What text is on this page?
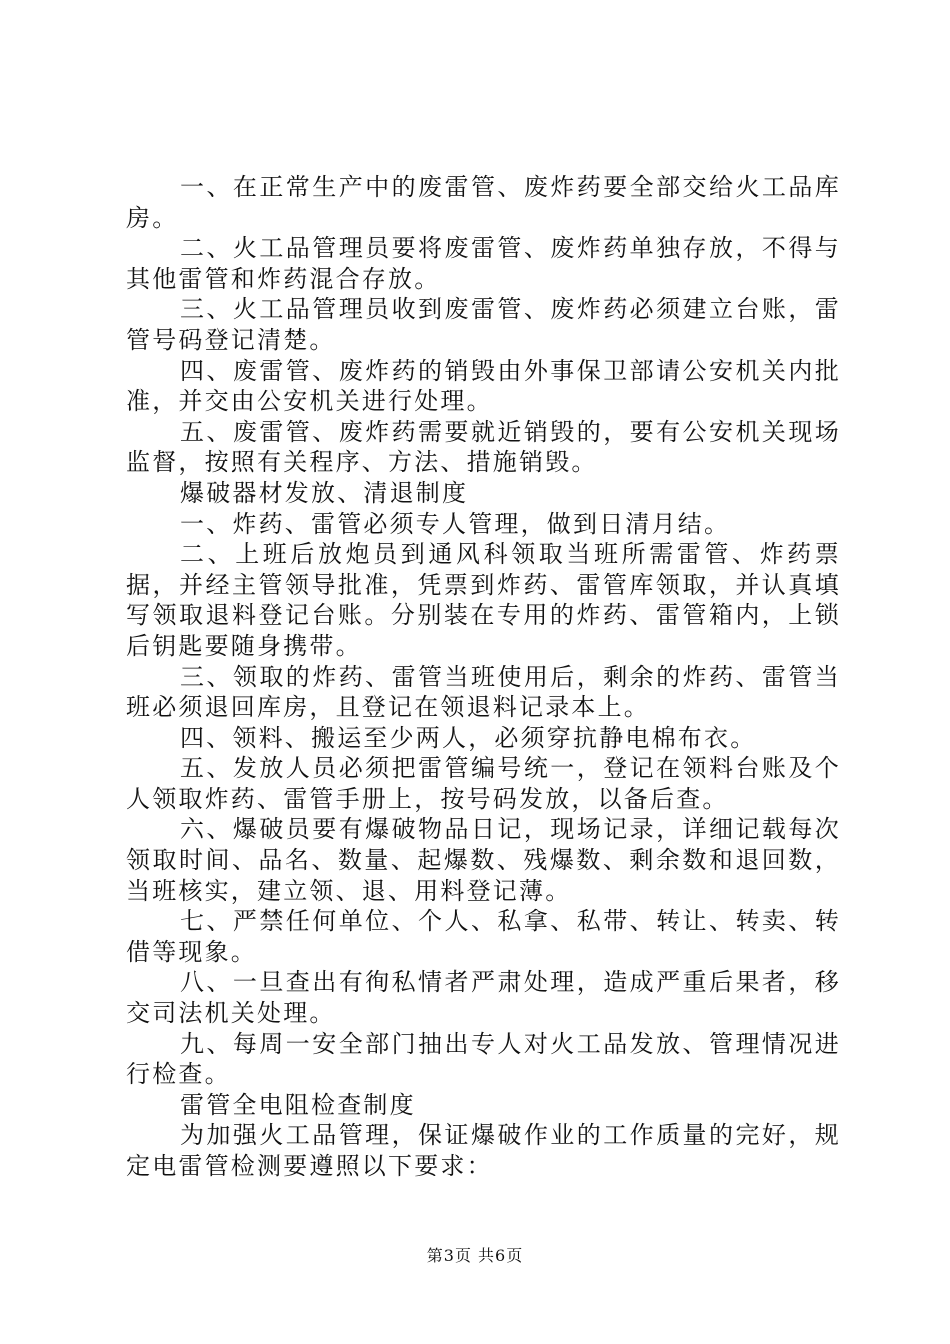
一、在正常生产中的废雷管、废炸药要全部交给火工品库房。

二、火工品管理员要将废雷管、废炸药单独存放，不得与其他雷管和炸药混合存放。

三、火工品管理员收到废雷管、废炸药必须建立台账，雷管号码登记清楚。

四、废雷管、废炸药的销毁由外事保卫部请公安机关内批准，并交由公安机关进行处理。

五、废雷管、废炸药需要就近销毁的，要有公安机关现场监督，按照有关程序、方法、措施销毁。

爆破器材发放、清退制度

一、炸药、雷管必须专人管理，做到日清月结。

二、上班后放炮员到通风科领取当班所需雷管、炸药票据，并经主管领导批准，凭票到炸药、雷管库领取，并认真填写领取退料登记台账。分别装在专用的炸药、雷管箱内，上锁后钥匙要随身携带。

三、领取的炸药、雷管当班使用后，剩余的炸药、雷管当班必须退回库房，且登记在领退料记录本上。

四、领料、搬运至少两人，必须穿抗静电棉布衣。

五、发放人员必须把雷管编号统一，登记在领料台账及个人领取炸药、雷管手册上，按号码发放，以备后查。

六、爆破员要有爆破物品日记，现场记录，详细记载每次领取时间、品名、数量、起爆数、残爆数、剩余数和退回数，当班核实，建立领、退、用料登记薄。

七、严禁任何单位、个人、私拿、私带、转让、转卖、转借等现象。

八、一旦查出有徇私情者严肃处理，造成严重后果者，移交司法机关处理。

九、每周一安全部门抽出专人对火工品发放、管理情况进行检查。

雷管全电阻检查制度

为加强火工品管理，保证爆破作业的工作质量的完好，规定电雷管检测要遵照以下要求：

第3页 共6页
